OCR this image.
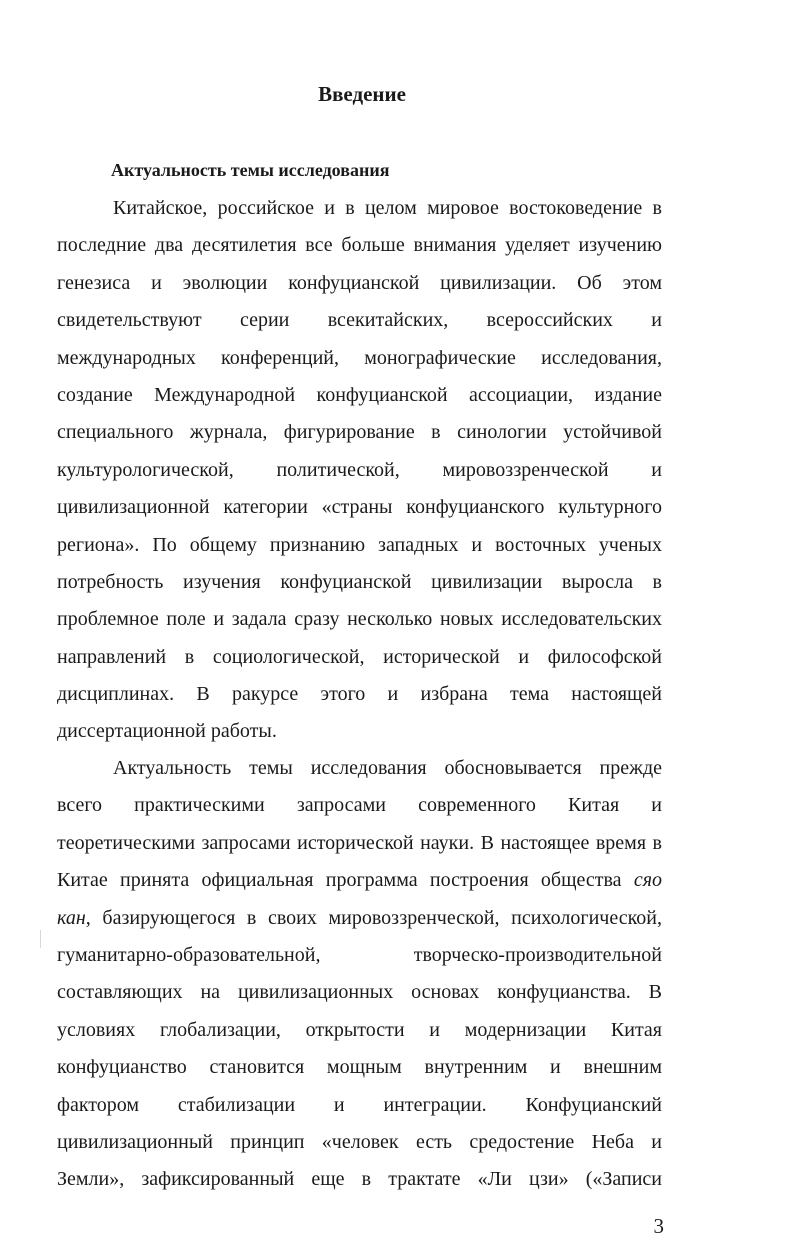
Введение
Актуальность темы исследования

Китайское, российское и в целом мировое востоковедение в
последние два десятилетия все больше внимания уделяет изучению
генезиса и эволюции конфуцианской цивилизации. Об этом
свидетельствуют серии всекитайских, всероссийских и
международных конференций, монографические исследования,
создание Международной конфуцианской ассоциации, издание
специального журнала, фигурирование в синологии устойчивой
культурологической, политической, мировоззренческой и
цивилизационной категории «страны конфуцианского культурного
региона». По общему признанию западных и восточных ученых
потребность изучения конфуцианской цивилизации выросла в
проблемное поле и задала сразу несколько новых исследовательских
направлений в социологической, исторической и философской
дисциплинах. В ракурсе этого и избрана тема настоящей
диссертационной работы.

Актуальность темы исследования обосновывается прежде
всего практическими запросами современного Китая и
теоретическими запросами исторической науки. В настоящее время в
Китае принята официальная программа построения общества сяо
кан, базирующегося в своих мировоззренческой, психологической,
гуманитарно-образовательной, творческо-производительной
составляющих на цивилизационных основах конфуцианства. В
условиях глобализации, открытости и модернизации Китая
конфуцианство становится мощным внутренним и внешним
фактором стабилизации и интеграции. Конфуцианский
цивилизационный принцип «человек есть средостение Неба и
Земли», зафиксированный еще в трактате «Ли цзи» («Записи

3
